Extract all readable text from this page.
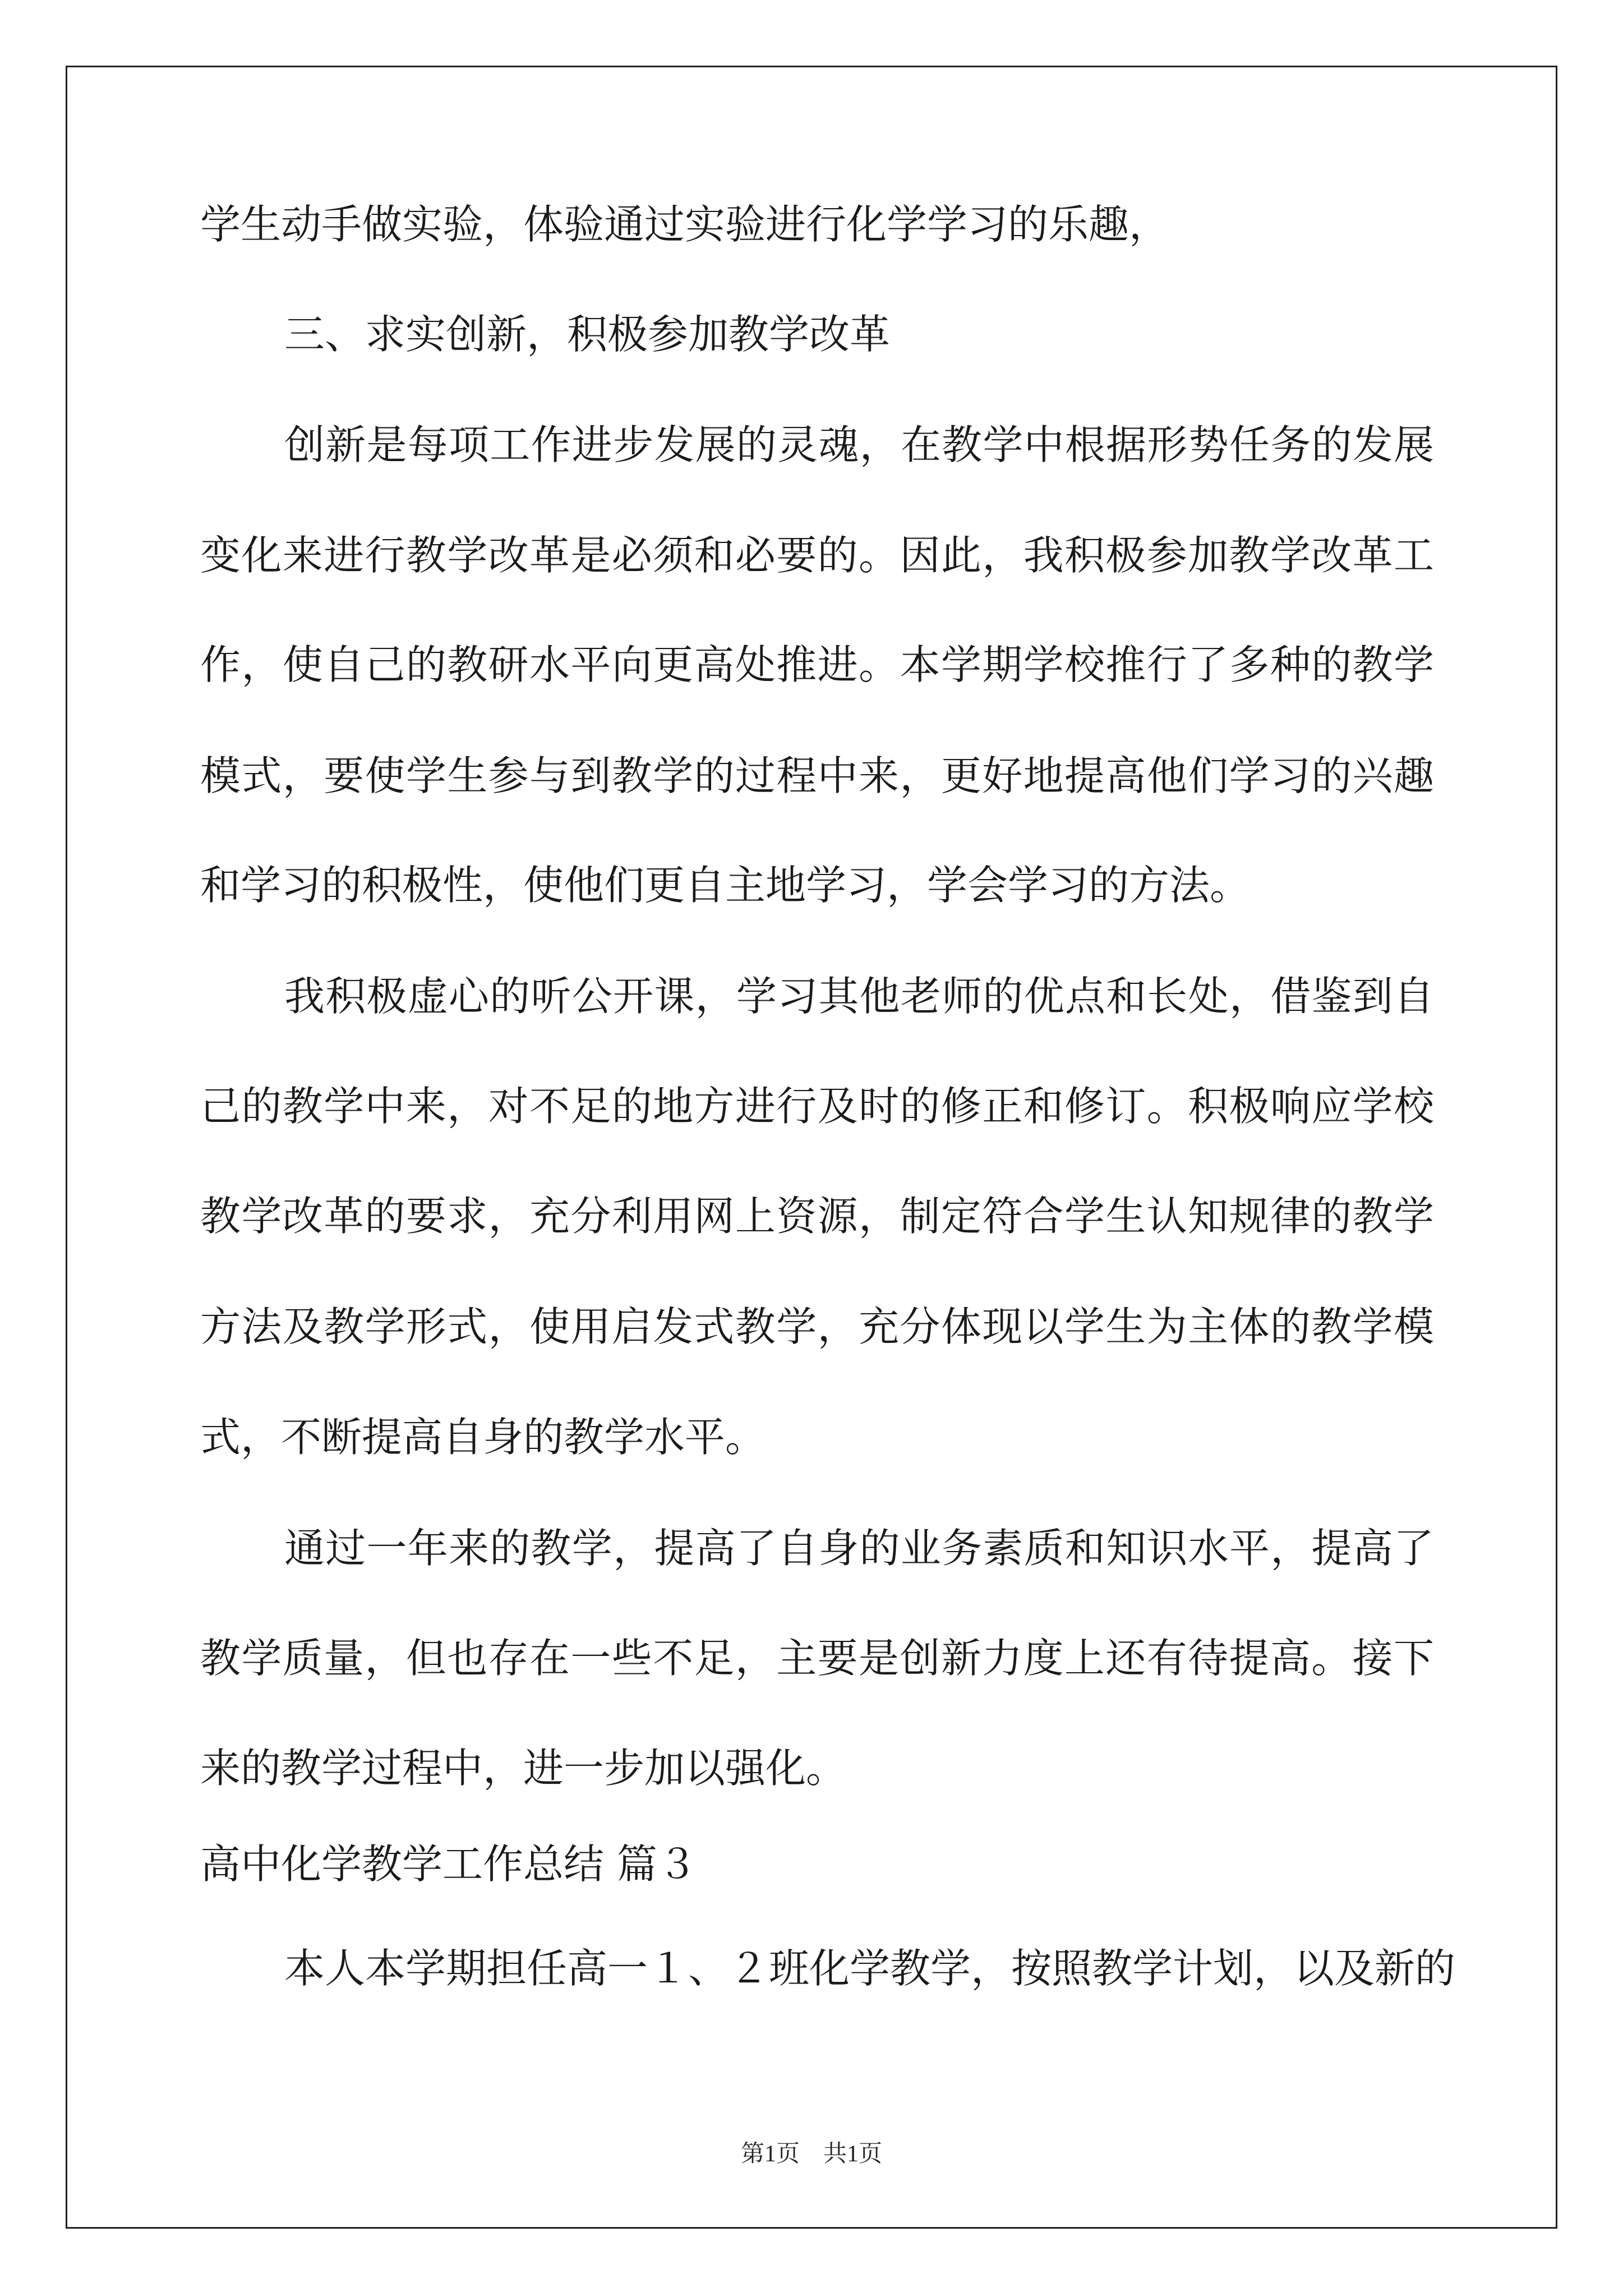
学生动手做实验，体验通过实验进行化学学习的乐趣，
三、求实创新，积极参加教学改革
创新是每项工作进步发展的灵魂，在教学中根据形势任务的发展
变化来进行教学改革是必须和必要的。因此，我积极参加教学改革工
作，使自己的教研水平向更高处推进。本学期学校推行了多种的教学
模式，要使学生参与到教学的过程中来，更好地提高他们学习的兴趣
和学习的积极性，使他们更自主地学习，学会学习的方法。
我积极虚心的听公开课，学习其他老师的优点和长处，借鉴到自
己的教学中来，对不足的地方进行及时的修正和修订。积极响应学校
教学改革的要求，充分利用网上资源，制定符合学生认知规律的教学
方法及教学形式，使用启发式教学，充分体现以学生为主体的教学模
式，不断提高自身的教学水平。
通过一年来的教学，提高了自身的业务素质和知识水平，提高了
教学质量，但也存在一些不足，主要是创新力度上还有待提高。接下
来的教学过程中，进一步加以强化。
高中化学教学工作总结 篇３
本人本学期担任高一１、２班化学教学，按照教学计划，以及新的
第1页　共1页
